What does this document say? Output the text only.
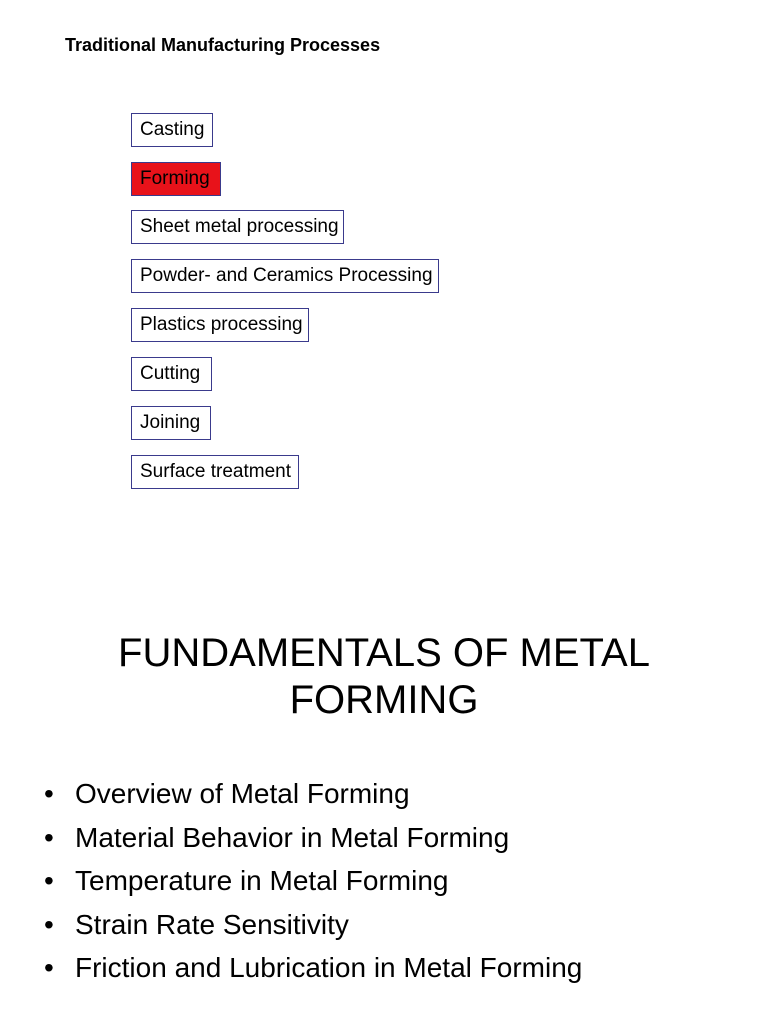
Traditional Manufacturing Processes
Casting
Forming
Sheet metal processing
Powder- and Ceramics Processing
Plastics processing
Cutting
Joining
Surface treatment
FUNDAMENTALS OF METAL
FORMING
• Overview of Metal Forming
• Material Behavior in Metal Forming
• Temperature in Metal Forming
• Strain Rate Sensitivity
• Friction and Lubrication in Metal Forming
